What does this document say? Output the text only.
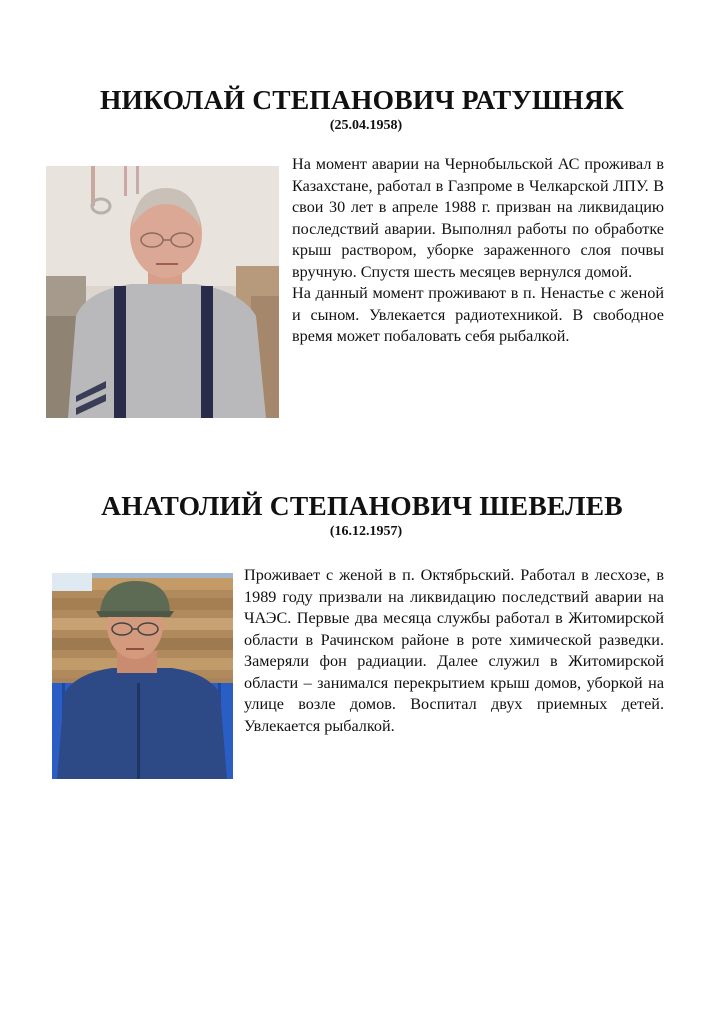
НИКОЛАЙ СТЕПАНОВИЧ РАТУШНЯК
(25.04.1958)
На момент аварии на Чернобыльской АС проживал в Казахстане, работал в Газпроме в Челкарской ЛПУ. В свои 30 лет в апреле 1988 г. призван на ликвидацию последствий аварии. Выполнял работы по обработке крыш раствором, уборке зараженного слоя почвы вручную. Спустя шесть месяцев вернулся домой.
На данный момент проживают в п. Ненастье с женой и сыном. Увлекается радиотехникой. В свободное время может побаловать себя рыбалкой.
АНАТОЛИЙ СТЕПАНОВИЧ ШЕВЕЛЕВ
(16.12.1957)
Проживает с женой в п. Октябрьский. Работал в лесхозе, в 1989 году призвали на ликвидацию последствий аварии на ЧАЭС. Первые два месяца службы работал в Житомирской области в Рачинском районе в роте химической разведки. Замеряли фон радиации. Далее служил в Житомирской области – занимался перекрытием крыш домов, уборкой на улице возле домов. Воспитал двух приемных детей. Увлекается рыбалкой.
